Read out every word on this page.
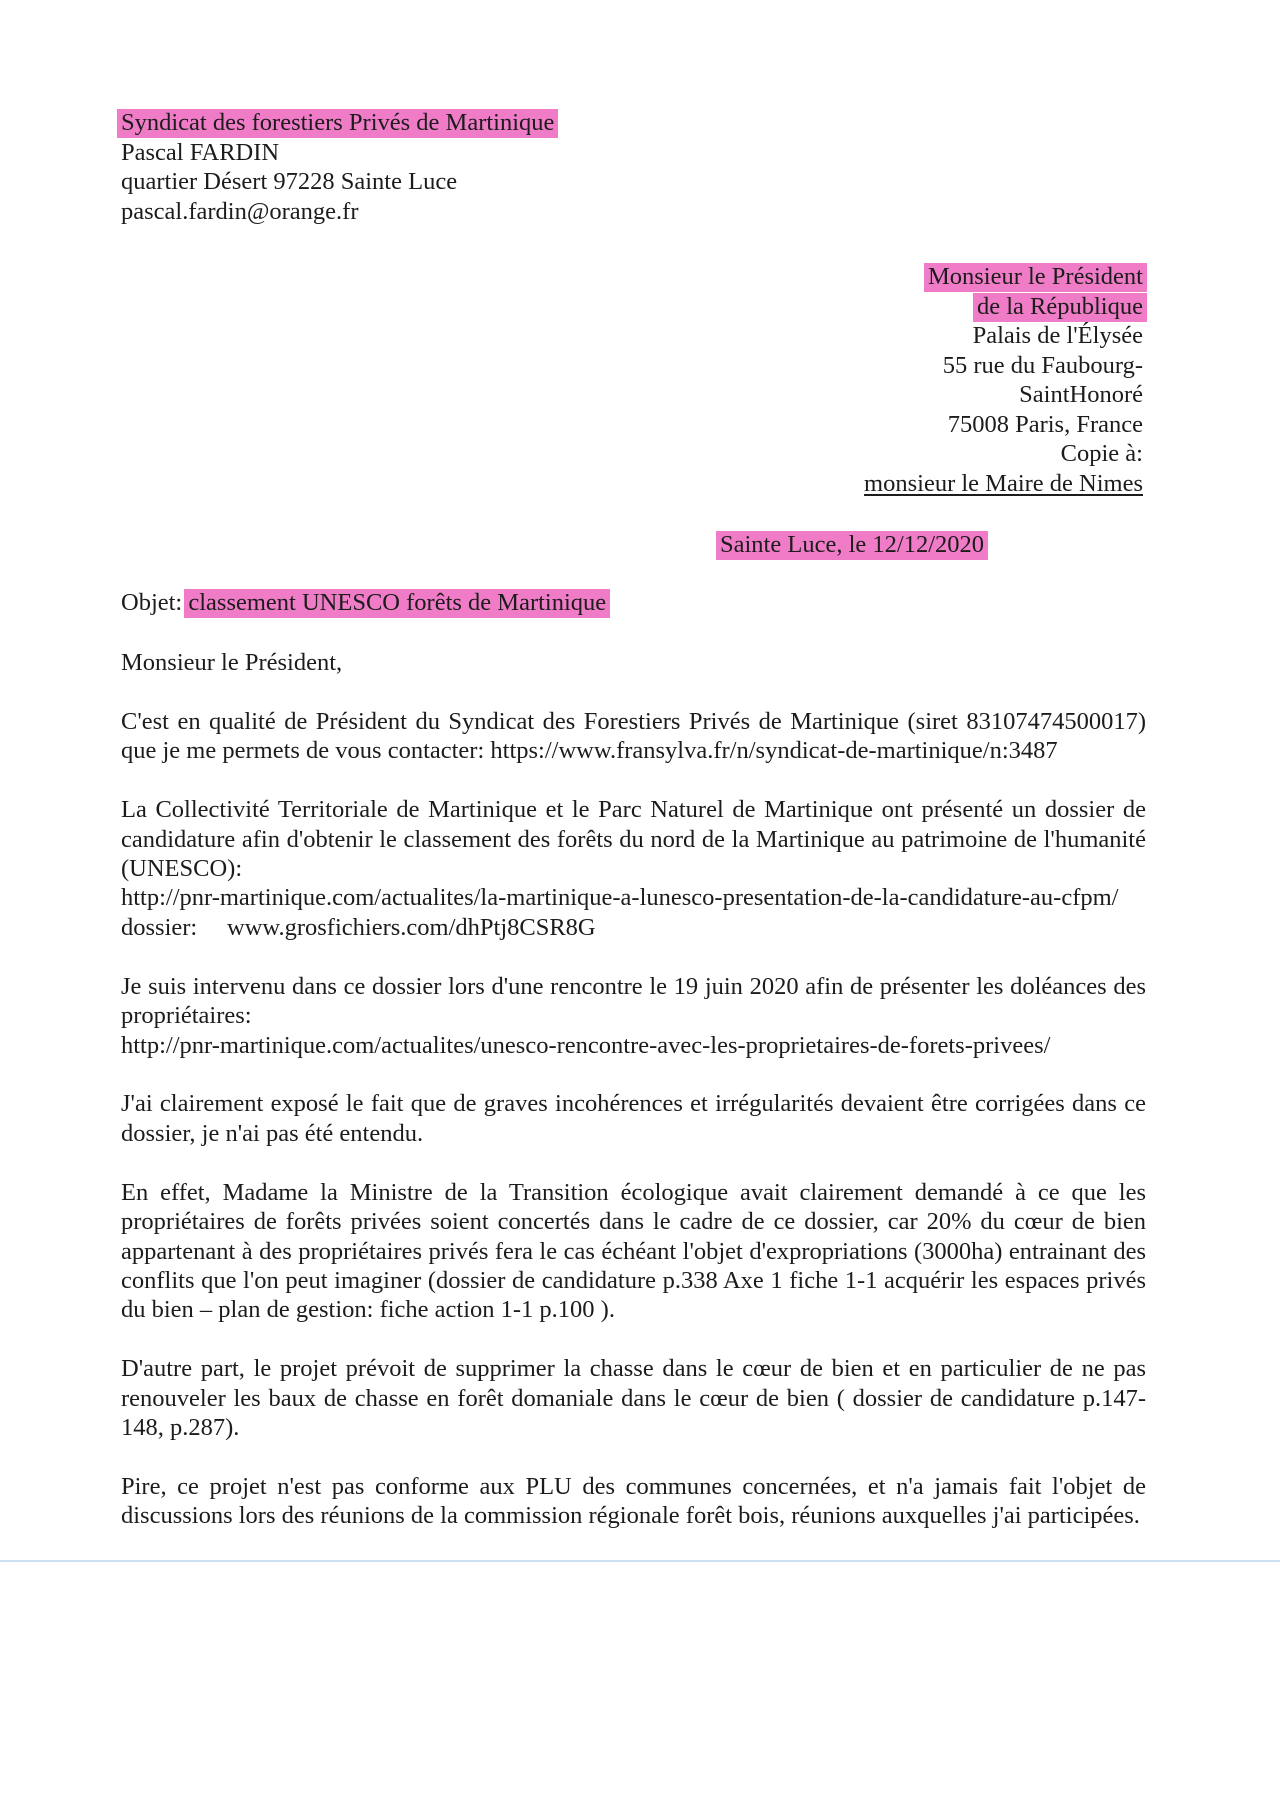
Syndicat des forestiers Privés de Martinique
Pascal FARDIN
quartier Désert 97228 Sainte Luce
pascal.fardin@orange.fr
Monsieur le Président
de la République
Palais de l'Élysée
55 rue du Faubourg-
SaintHonoré
75008 Paris, France
Copie à:
monsieur le Maire de Nimes
Sainte Luce, le 12/12/2020
Objet: classement UNESCO forêts de Martinique

Monsieur le Président,

C'est en qualité de Président du Syndicat des Forestiers Privés de Martinique (siret 83107474500017) que je me permets de vous contacter: https://www.fransylva.fr/n/syndicat-de-martinique/n:3487

La Collectivité Territoriale de Martinique et le Parc Naturel de Martinique ont présenté un dossier de candidature afin d'obtenir le classement des forêts du nord de la Martinique au patrimoine de l'humanité (UNESCO):
http://pnr-martinique.com/actualites/la-martinique-a-lunesco-presentation-de-la-candidature-au-cfpm/
dossier: www.grosfichiers.com/dhPtj8CSR8G

Je suis intervenu dans ce dossier lors d'une rencontre le 19 juin 2020 afin de présenter les doléances des propriétaires:
http://pnr-martinique.com/actualites/unesco-rencontre-avec-les-proprietaires-de-forets-privees/

J'ai clairement exposé le fait que de graves incohérences et irrégularités devaient être corrigées dans ce dossier, je n'ai pas été entendu.

En effet, Madame la Ministre de la Transition écologique avait clairement demandé à ce que les propriétaires de forêts privées soient concertés dans le cadre de ce dossier, car 20% du cœur de bien appartenant à des propriétaires privés fera le cas échéant l'objet d'expropriations (3000ha) entrainant des conflits que l'on peut imaginer (dossier de candidature p.338 Axe 1 fiche 1-1 acquérir les espaces privés du bien – plan de gestion: fiche action 1-1 p.100 ).

D'autre part, le projet prévoit de supprimer la chasse dans le cœur de bien et en particulier de ne pas renouveler les baux de chasse en forêt domaniale dans le cœur de bien ( dossier de candidature p.147-148, p.287).

Pire, ce projet n'est pas conforme aux PLU des communes concernées, et n'a jamais fait l'objet de discussions lors des réunions de la commission régionale forêt bois, réunions auxquelles j'ai participées.
